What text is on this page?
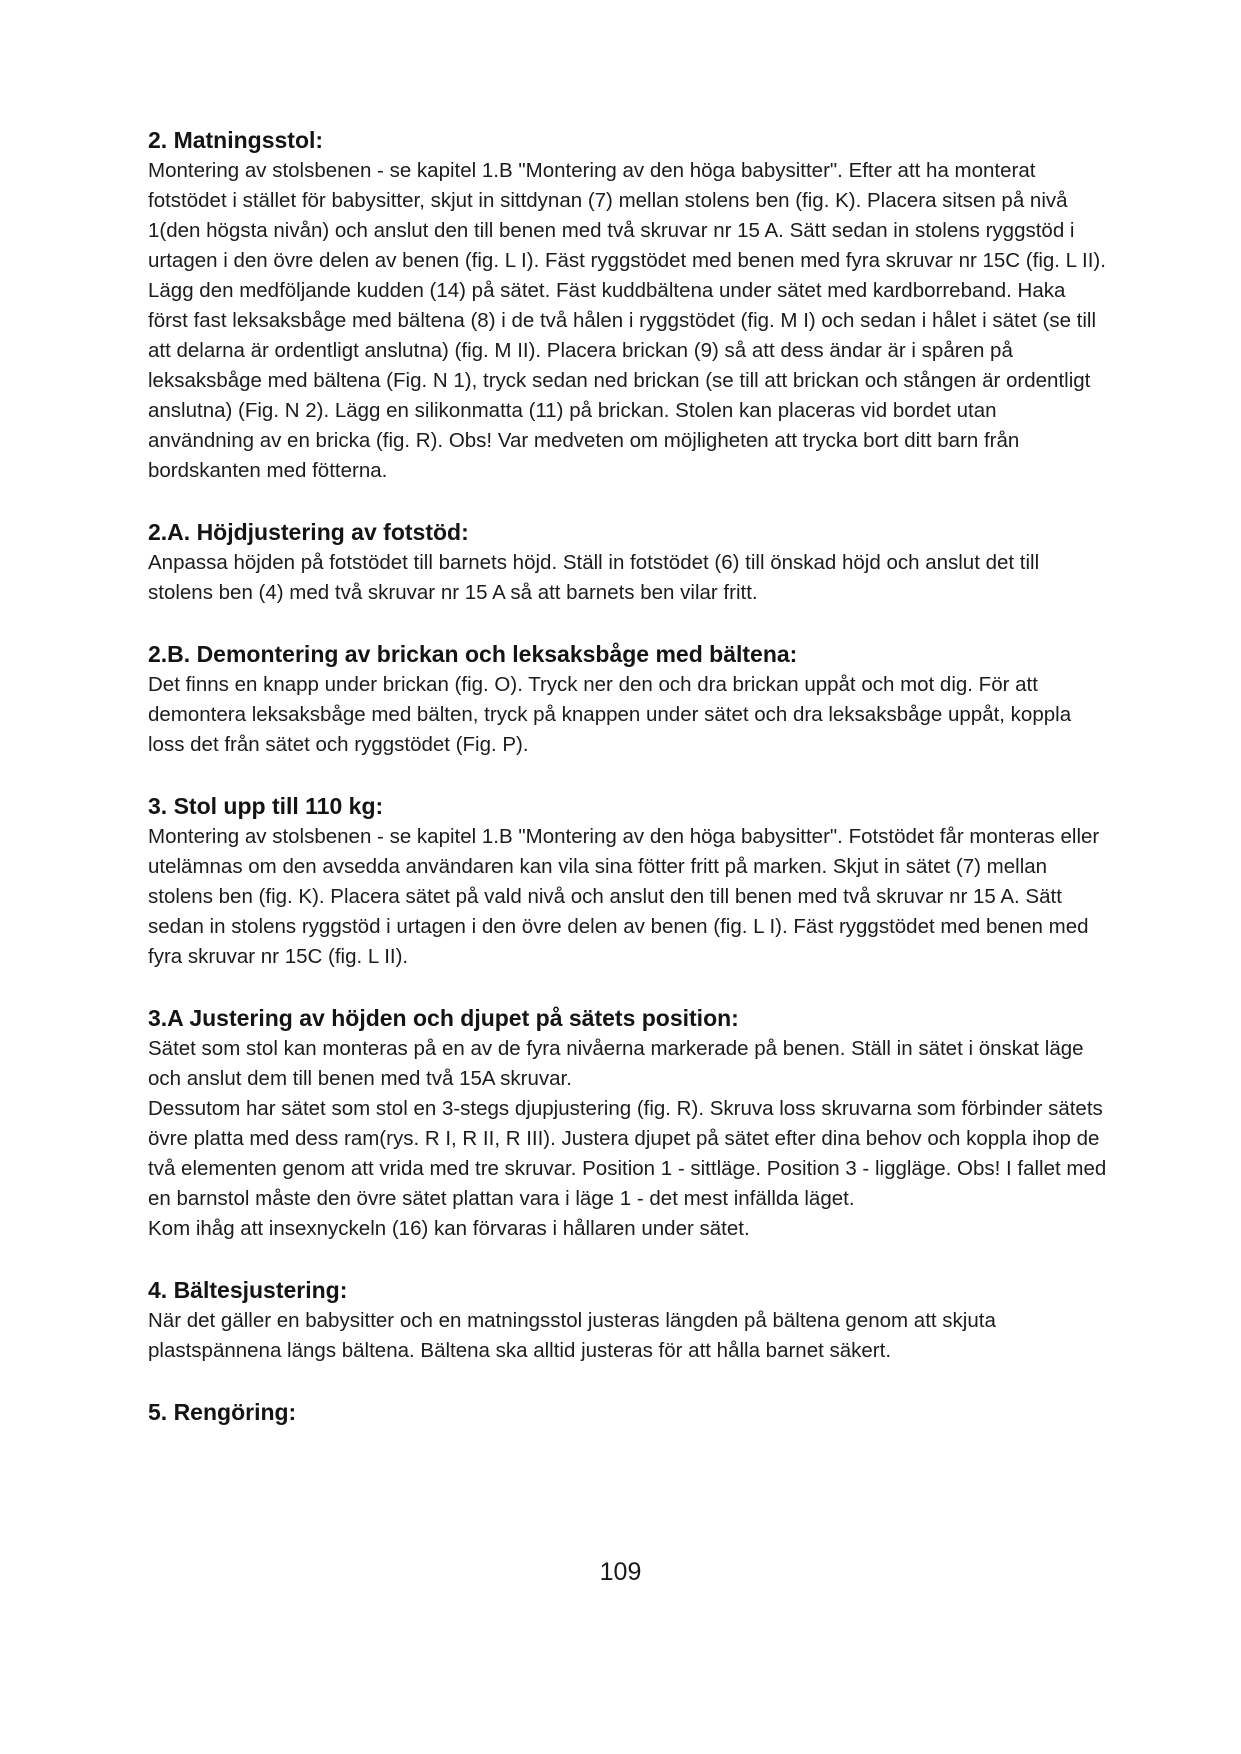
2. Matningsstol:

Montering av stolsbenen - se kapitel 1.B "Montering av den höga babysitter". Efter att ha monterat fotstödet i stället för babysitter, skjut in sittdynan (7) mellan stolens ben (fig. K). Placera sitsen på nivå 1(den högsta nivån) och anslut den till benen med två skruvar nr 15 A. Sätt sedan in stolens ryggstöd i urtagen i den övre delen av benen (fig. L I). Fäst ryggstödet med benen med fyra skruvar nr 15C (fig. L II). Lägg den medföljande kudden (14) på sätet. Fäst kuddbältena under sätet med kardborreband. Haka först fast leksaksbåge med bältena (8) i de två hålen i ryggstödet (fig. M I) och sedan i hålet i sätet (se till att delarna är ordentligt anslutna) (fig. M II). Placera brickan (9) så att dess ändar är i spåren på leksaksbåge med bältena (Fig. N 1), tryck sedan ned brickan (se till att brickan och stången är ordentligt anslutna) (Fig. N 2). Lägg en silikonmatta (11) på brickan. Stolen kan placeras vid bordet utan användning av en bricka (fig. R). Obs! Var medveten om möjligheten att trycka bort ditt barn från bordskanten med fötterna.

2.A. Höjdjustering av fotstöd:

Anpassa höjden på fotstödet till barnets höjd. Ställ in fotstödet (6) till önskad höjd och anslut det till stolens ben (4) med två skruvar nr 15 A så att barnets ben vilar fritt.

2.B. Demontering av brickan och leksaksbåge med bältena:

Det finns en knapp under brickan (fig. O). Tryck ner den och dra brickan uppåt och mot dig. För att demontera leksaksbåge med bälten, tryck på knappen under sätet och dra leksaksbåge uppåt, koppla loss det från sätet och ryggstödet (Fig. P).

3. Stol upp till 110 kg:

Montering av stolsbenen - se kapitel 1.B "Montering av den höga babysitter". Fotstödet får monteras eller utelämnas om den avsedda användaren kan vila sina fötter fritt på marken. Skjut in sätet (7) mellan stolens ben (fig. K). Placera sätet på vald nivå och anslut den till benen med två skruvar nr 15 A. Sätt sedan in stolens ryggstöd i urtagen i den övre delen av benen (fig. L I). Fäst ryggstödet med benen med fyra skruvar nr 15C (fig. L II).

3.A Justering av höjden och djupet på sätets position:

Sätet som stol kan monteras på en av de fyra nivåerna markerade på benen. Ställ in sätet i önskat läge och anslut dem till benen med två 15A skruvar.

Dessutom har sätet som stol en 3-stegs djupjustering (fig. R). Skruva loss skruvarna som förbinder sätets övre platta med dess ram(rys. R I, R II, R III). Justera djupet på sätet efter dina behov och koppla ihop de två elementen genom att vrida med tre skruvar. Position 1 - sittläge. Position 3 - liggläge. Obs! I fallet med en barnstol måste den övre sätet plattan vara i läge 1 - det mest infällda läget.

Kom ihåg att insexnyckeln (16) kan förvaras i hållaren under sätet.

4. Bältesjustering:

När det gäller en babysitter och en matningsstol justeras längden på bältena genom att skjuta plastspännena längs bältena. Bältena ska alltid justeras för att hålla barnet säkert.

5. Rengöring:
109
